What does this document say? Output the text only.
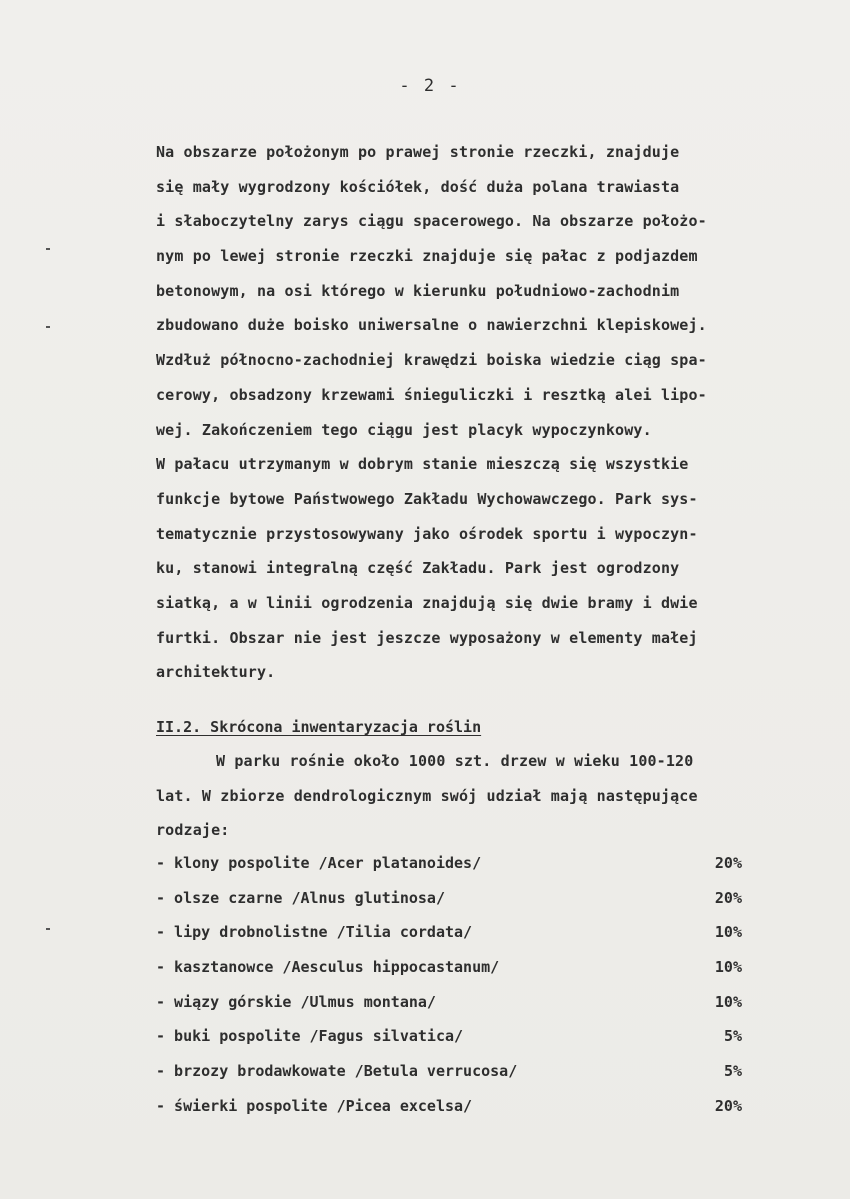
- 2 -
Na obszarze położonym po prawej stronie rzeczki, znajduje
się mały wygrodzony kościółek, dość duża polana trawiasta
i słaboczytelny zarys ciągu spacerowego. Na obszarze położo-
nym po lewej stronie rzeczki znajduje się pałac z podjazdem
betonowym, na osi którego w kierunku południowo-zachodnim
zbudowano duże boisko uniwersalne o nawierzchni klepiskowej.
Wzdłuż północno-zachodniej krawędzi boiska wiedzie ciąg spa-
cerowy, obsadzony krzewami śnieguliczki i resztką alei lipo-
wej. Zakończeniem tego ciągu jest placyk wypoczynkowy.
W pałacu utrzymanym w dobrym stanie mieszczą się wszystkie
funkcje bytowe Państwowego Zakładu Wychowawczego. Park sys-
tematycznie przystosowywany jako ośrodek sportu i wypoczyn-
ku, stanowi integralną część Zakładu. Park jest ogrodzony
siatką, a w linii ogrodzenia znajdują się dwie bramy i dwie
furtki. Obszar nie jest jeszcze wyposażony w elementy małej
architektury.
II.2. Skrócona inwentaryzacja roślin
W parku rośnie około 1000 szt. drzew w wieku 100-120
lat. W zbiorze dendrologicznym swój udział mają następujące
rodzaje:
- klony pospolite /Acer platanoides/	20%
- olsze czarne /Alnus glutinosa/	20%
- lipy drobnolistne /Tilia cordata/	10%
- kasztanowce /Aesculus hippocastanum/	10%
- wiązy górskie /Ulmus montana/	10%
- buki pospolite /Fagus silvatica/	5%
- brzozy brodawkowate /Betula verrucosa/	5%
- świerki pospolite /Picea excelsa/	20%
